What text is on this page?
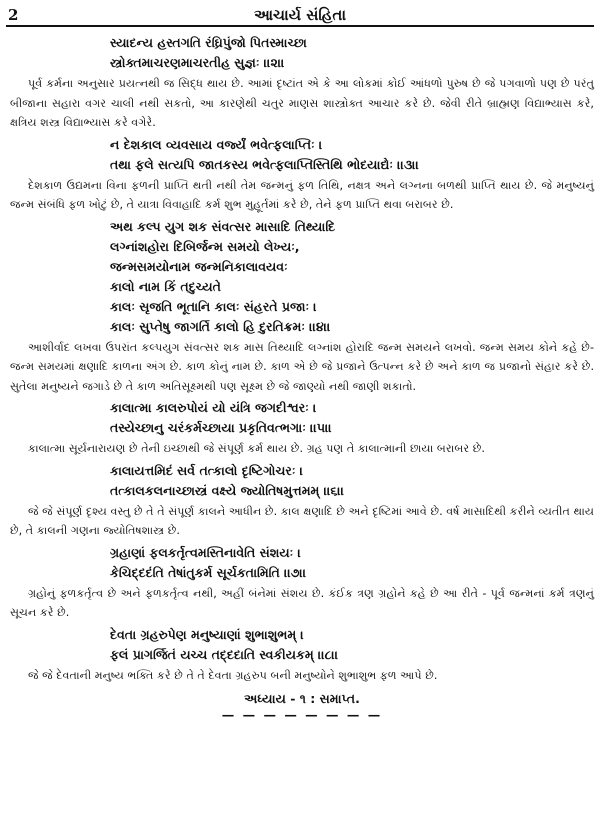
2	આચાર્ય સંહિતા
સ્યાદન્ય હસ્તગતિ રંઘ્રિપુંજો પિતસ્માચ્છા
સ્ત્રોક્તમાચરણમાચરતીહ સુજ્ઞઃ ।।૨।।
પૂર્વ કર્મના અનુસાર પ્રયત્નથી જ સિદ્ધ થાય છે. આમાં દૃષ્ટાંત એ કે આ લોકમાં કોઈ આંધળો પુરુષ છે જે પગવાળો પણ છે પરંતુ બીજાના સહારા વગર ચાલી નથી સકતો, આ કારણેથી ચતુર માણસ શાસ્ત્રોક્ત આચાર કરે છે. જેવી રીતે બ્રાહ્મણ વિદ્યાભ્યાસ કરે, ક્ષત્રિય શસ્ત્ર વિદ્યાભ્યાસ કરે વગેરે.
ન દેશકાલ વ્યવસાય વર્જ્યં ભવેત્ફલાપ્તિઃ ।
તથા ફલે સત્યપિ જાતકસ્ય ભવેત્ફલાપ્તિસ્તિથિ ભોદયાદ્યેઃ ।।૩।।
દેશકાળ ઉદ્યમના વિના ફળની પ્રાપ્તિ થતી નથી તેમ જન્મનું ફળ તિથિ, નક્ષત્ર અને લગ્નના બળથી પ્રાપ્તિ થાય છે. જે મનુષ્યનું જન્મ સંબંધિ ફળ ખોટું છે, તે યાત્રા વિવાહાદિ કર્મ શુભ મુહૂર્તમાં કરે છે, તેને ફળ પ્રાપ્તિ થવા બરાબર છે.
અથ કલ્પ યુગ શક સંવત્સર માસાદિ તિથ્યાદિ
લગ્નાંશહોરા દિબિર્જન્મ સમયો લેખ્યઃ,
જન્મસમયોનામ જન્મનિકાલાવયવઃ
કાલો નામ કિં તદુચ્યતે
કાલઃ સૃજતિ ભૂતાનિ કાલઃ સંહરતે પ્રજાઃ ।
કાલઃ સુપ્તેષુ જાગર્તિ કાલો હિ દુરતિક્રમઃ ।।૪।।
આશીર્વાદ લખવા ઉપરાંત કલ્પયુગ સંવત્સર શક માસ તિથ્યાદિ લગ્નાંશ હોરાદિ જન્મ સમયને લખવો. જન્મ સમય કોને કહે છે-જન્મ સમયમાં ક્ષણાદિ કાળના અંગ છે. કાળ કોનું નામ છે. કાળ એ છે જે પ્રજાને ઉત્પન્ન કરે છે અને કાળ જ પ્રજાનો સંહાર કરે છે. સુતેલા મનુષ્યને જગાડે છે તે કાળ અતિસૂક્ષ્મથી પણ સૂક્ષ્મ છે જે જાણ્યો નથી જાણી શકાતો.
કાલાત્મા કાલરુપોયં યો યંત્રિ જગદીશ્વરઃ ।
તસ્યેચ્છાનુ ચરંકર્મચ્છાયા પ્રકૃતિવત્ભગાઃ ।।૫।।
કાલાત્મા સૂર્યનારાયણ છે તેની ઇચ્છાથી જે સંપૂર્ણ કર્મ થાય છે. ગ્રહ પણ તે કાલાત્માની છાયા બરાબર છે.
કાલાયત્તમિદં સર્વ તત્કાલો દૃષ્ટિગોચરઃ ।
તત્કાલકલનાચ્છાસ્ત્રં વક્ષ્યે જ્યોતિષમુત્તમમ્ ।।૬।।
જે જે સંપૂર્ણ દૃશ્ય વસ્તુ છે તે તે સંપૂર્ણ કાલને આધીન છે. કાલ ક્ષણાદિ છે અને દૃષ્ટિમાં આવે છે. વર્ષ માસાદિથી કરીને વ્યતીત થાય છે, તે કાલની ગણના જ્યોતિષશાસ્ત્ર છે.
ગ્રહાણાં ફલકર્તૃત્વમસ્તિનાવેતિ સંશયઃ ।
કેચિદ્દદંતિ તેષાંતુકર્મ સૂર્ચકતામિતિ ।।૭।।
ગ્રહોનું ફળકર્તૃત્વ છે અને ફળકર્તૃત્વ નથી, અહીં બંનેમાં સંશય છે. કંઈક ત્રણ ગ્રહોને કહે છે આ રીતે - પૂર્વ જન્મનાં કર્મ ત્રણનું સૂચન કરે છે.
દેવતા ગ્રહરુપેણ મનુષ્યાણાં શુભાશુભમ્ ।
ફલં પ્રાગર્જિતં યચ્ચ તદ્દદાતિ સ્વકીયકમ્ ।।૮।।
જે જે દેવતાની મનુષ્ય ભક્તિ કરે છે તે તે દેવતા ગ્રહરુપ બની મનુષ્યોને શુભાશુભ ફળ આપે છે.
અધ્યાય - ૧ : સમાપ્ત.
— — — — — — — —
